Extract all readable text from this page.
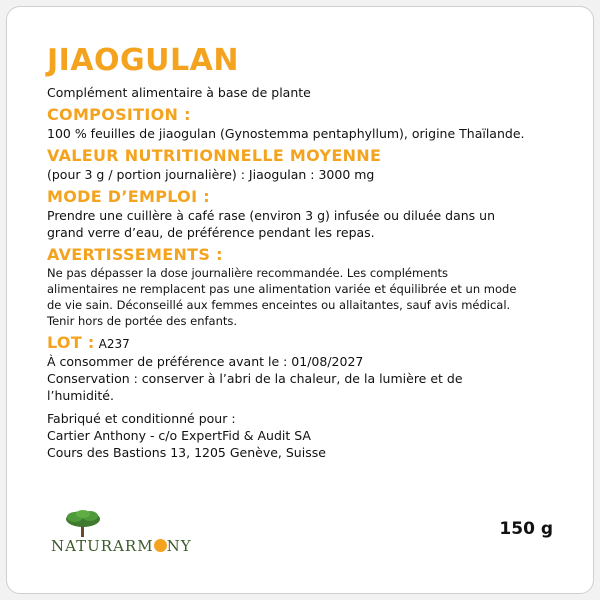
JIAOGULAN
Complément alimentaire à base de plante
COMPOSITION :
100 % feuilles de jiaogulan (Gynostemma pentaphyllum), origine Thaïlande.
VALEUR NUTRITIONNELLE MOYENNE
(pour 3 g / portion journalière) : Jiaogulan : 3000 mg
MODE D’EMPLOI :
Prendre une cuillère à café rase (environ 3 g) infusée ou diluée dans un
grand verre d’eau, de préférence pendant les repas.
AVERTISSEMENTS :
Ne pas dépasser la dose journalière recommandée. Les compléments
alimentaires ne remplacent pas une alimentation variée et équilibrée et un mode
de vie sain. Déconseillé aux femmes enceintes ou allaitantes, sauf avis médical.
Tenir hors de portée des enfants.
LOT : A237
À consommer de préférence avant le : 01/08/2027
Conservation : conserver à l’abri de la chaleur, de la lumière et de
l’humidité.
Fabriqué et conditionné pour :
Cartier Anthony - c/o ExpertFid & Audit SA
Cours des Bastions 13, 1205 Genève, Suisse
NATURARM NY
150 g
